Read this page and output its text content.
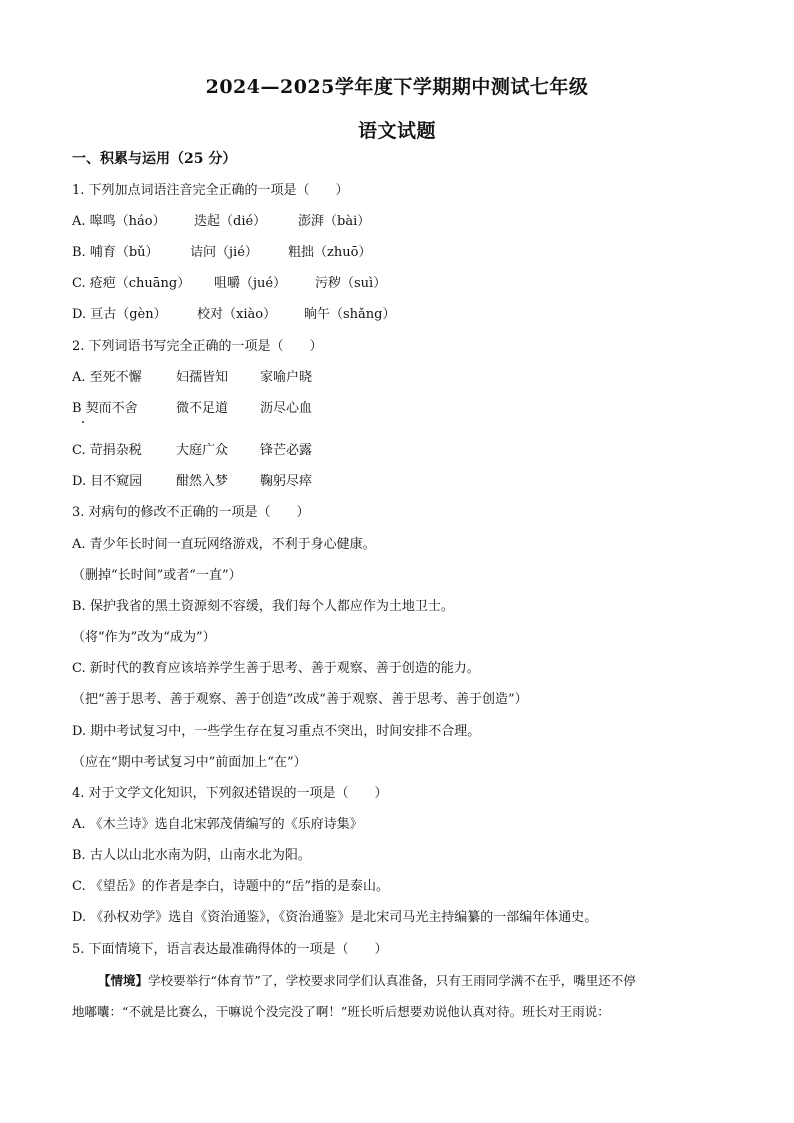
2024—2025学年度下学期期中测试七年级
语文试题
一、积累与运用（25 分）
1. 下列加点词语注音完全正确的一项是（　　）
A. 嗥鸣（háo） 迭起（dié） 澎湃（bài）
B. 哺育（bǔ） 诘问（jié） 粗拙（zhuō）
C. 疮疤（chuāng） 咀嚼（jué） 污秽（suì）
D. 亘古（gèn） 校对（xiào） 晌午（shǎng）
2. 下列词语书写完全正确的一项是（　　）
A. 至死不懈	妇孺皆知 家喻户晓
B 契而不舍	微不足道 沥尽心血
C. 苛捐杂税	大庭广众 锋芒必露
D. 目不窥园	酣然入梦 鞠躬尽瘁
3. 对病句的修改不正确的一项是（　　）
A. 青少年长时间一直玩网络游戏，不利于身心健康。
（删掉“长时间”或者“一直”）
B. 保护我省的黑土资源刻不容缓，我们每个人都应作为土地卫士。
（将“作为”改为“成为”）
C. 新时代的教育应该培养学生善于思考、善于观察、善于创造的能力。
（把“善于思考、善于观察、善于创造”改成“善于观察、善于思考、善于创造”）
D. 期中考试复习中，一些学生存在复习重点不突出，时间安排不合理。
（应在“期中考试复习中”前面加上“在”）
4. 对于文学文化知识，下列叙述错误的一项是（　　）
A. 《木兰诗》选自北宋郭茂倩编写的《乐府诗集》
B. 古人以山北水南为阴，山南水北为阳。
C. 《望岳》的作者是李白，诗题中的“岳”指的是泰山。
D. 《孙权劝学》选自《资治通鉴》，《资治通鉴》是北宋司马光主持编纂的一部编年体通史。
5. 下面情境下，语言表达最准确得体的一项是（　　）
【情境】学校要举行“体育节”了，学校要求同学们认真准备，只有王雨同学满不在乎，嘴里还不停
地嘟囔：“不就是比赛么，干嘛说个没完没了啊！”班长听后想要劝说他认真对待。班长对王雨说：
